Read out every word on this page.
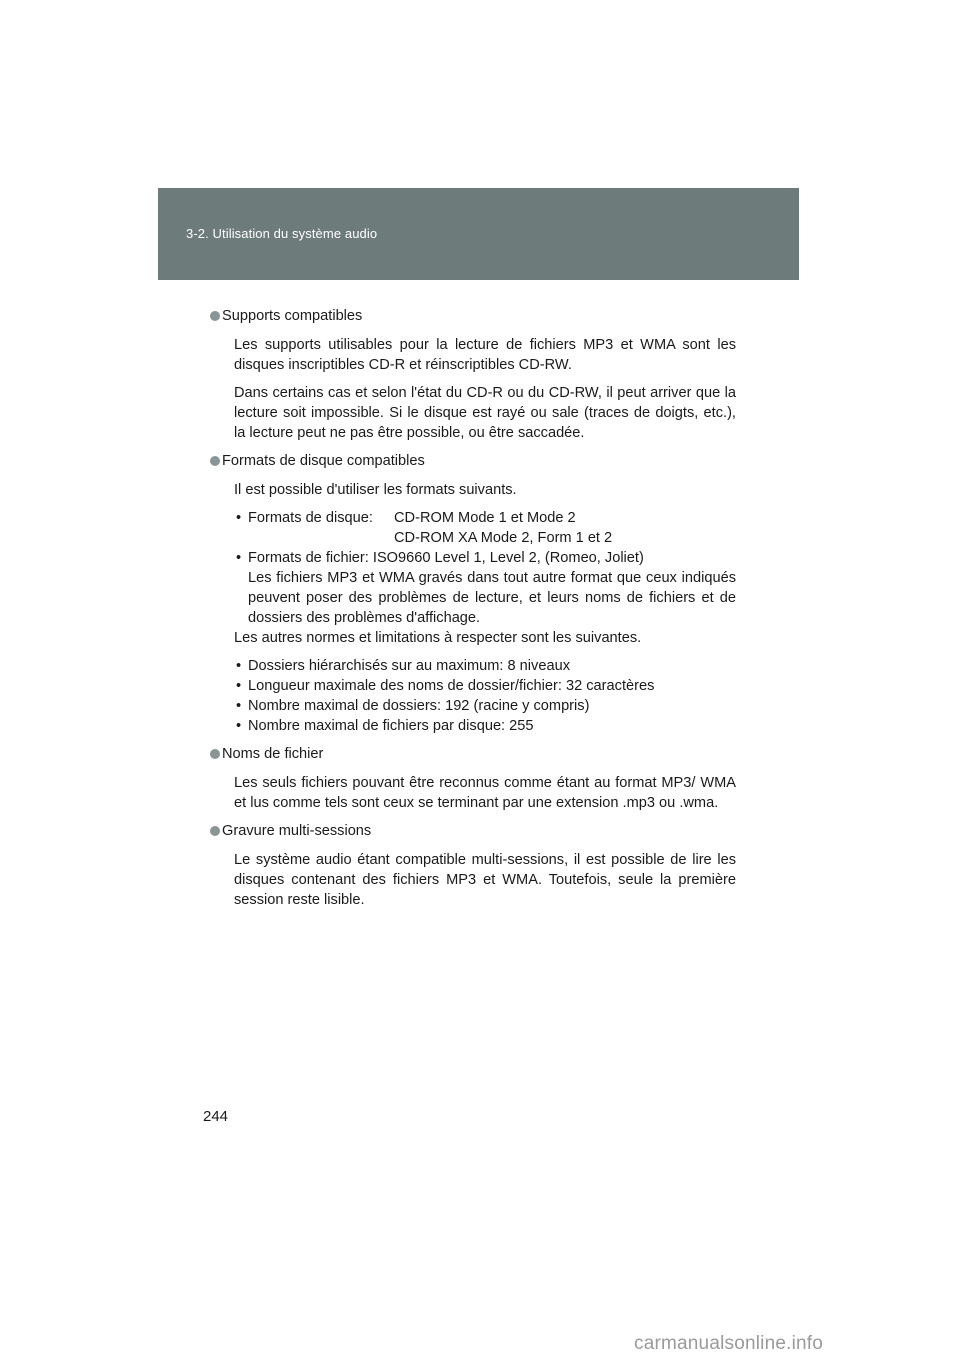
3-2. Utilisation du système audio
Supports compatibles

Les supports utilisables pour la lecture de fichiers MP3 et WMA sont les disques inscriptibles CD-R et réinscriptibles CD-RW.

Dans certains cas et selon l'état du CD-R ou du CD-RW, il peut arriver que la lecture soit impossible. Si le disque est rayé ou sale (traces de doigts, etc.), la lecture peut ne pas être possible, ou être saccadée.

Formats de disque compatibles

Il est possible d'utiliser les formats suivants.

• Formats de disque:	CD-ROM Mode 1 et Mode 2
CD-ROM XA Mode 2, Form 1 et 2
• Formats de fichier: ISO9660 Level 1, Level 2, (Romeo, Joliet)
Les fichiers MP3 et WMA gravés dans tout autre format que ceux indiqués peuvent poser des problèmes de lecture, et leurs noms de fichiers et de dossiers des problèmes d'affichage.

Les autres normes et limitations à respecter sont les suivantes.

• Dossiers hiérarchisés sur au maximum: 8 niveaux
• Longueur maximale des noms de dossier/fichier: 32 caractères
• Nombre maximal de dossiers: 192 (racine y compris)
• Nombre maximal de fichiers par disque: 255
Noms de fichier

Les seuls fichiers pouvant être reconnus comme étant au format MP3/ WMA et lus comme tels sont ceux se terminant par une extension .mp3 ou .wma.

Gravure multi-sessions

Le système audio étant compatible multi-sessions, il est possible de lire les disques contenant des fichiers MP3 et WMA. Toutefois, seule la première session reste lisible.

244
carmanualsonline.info
